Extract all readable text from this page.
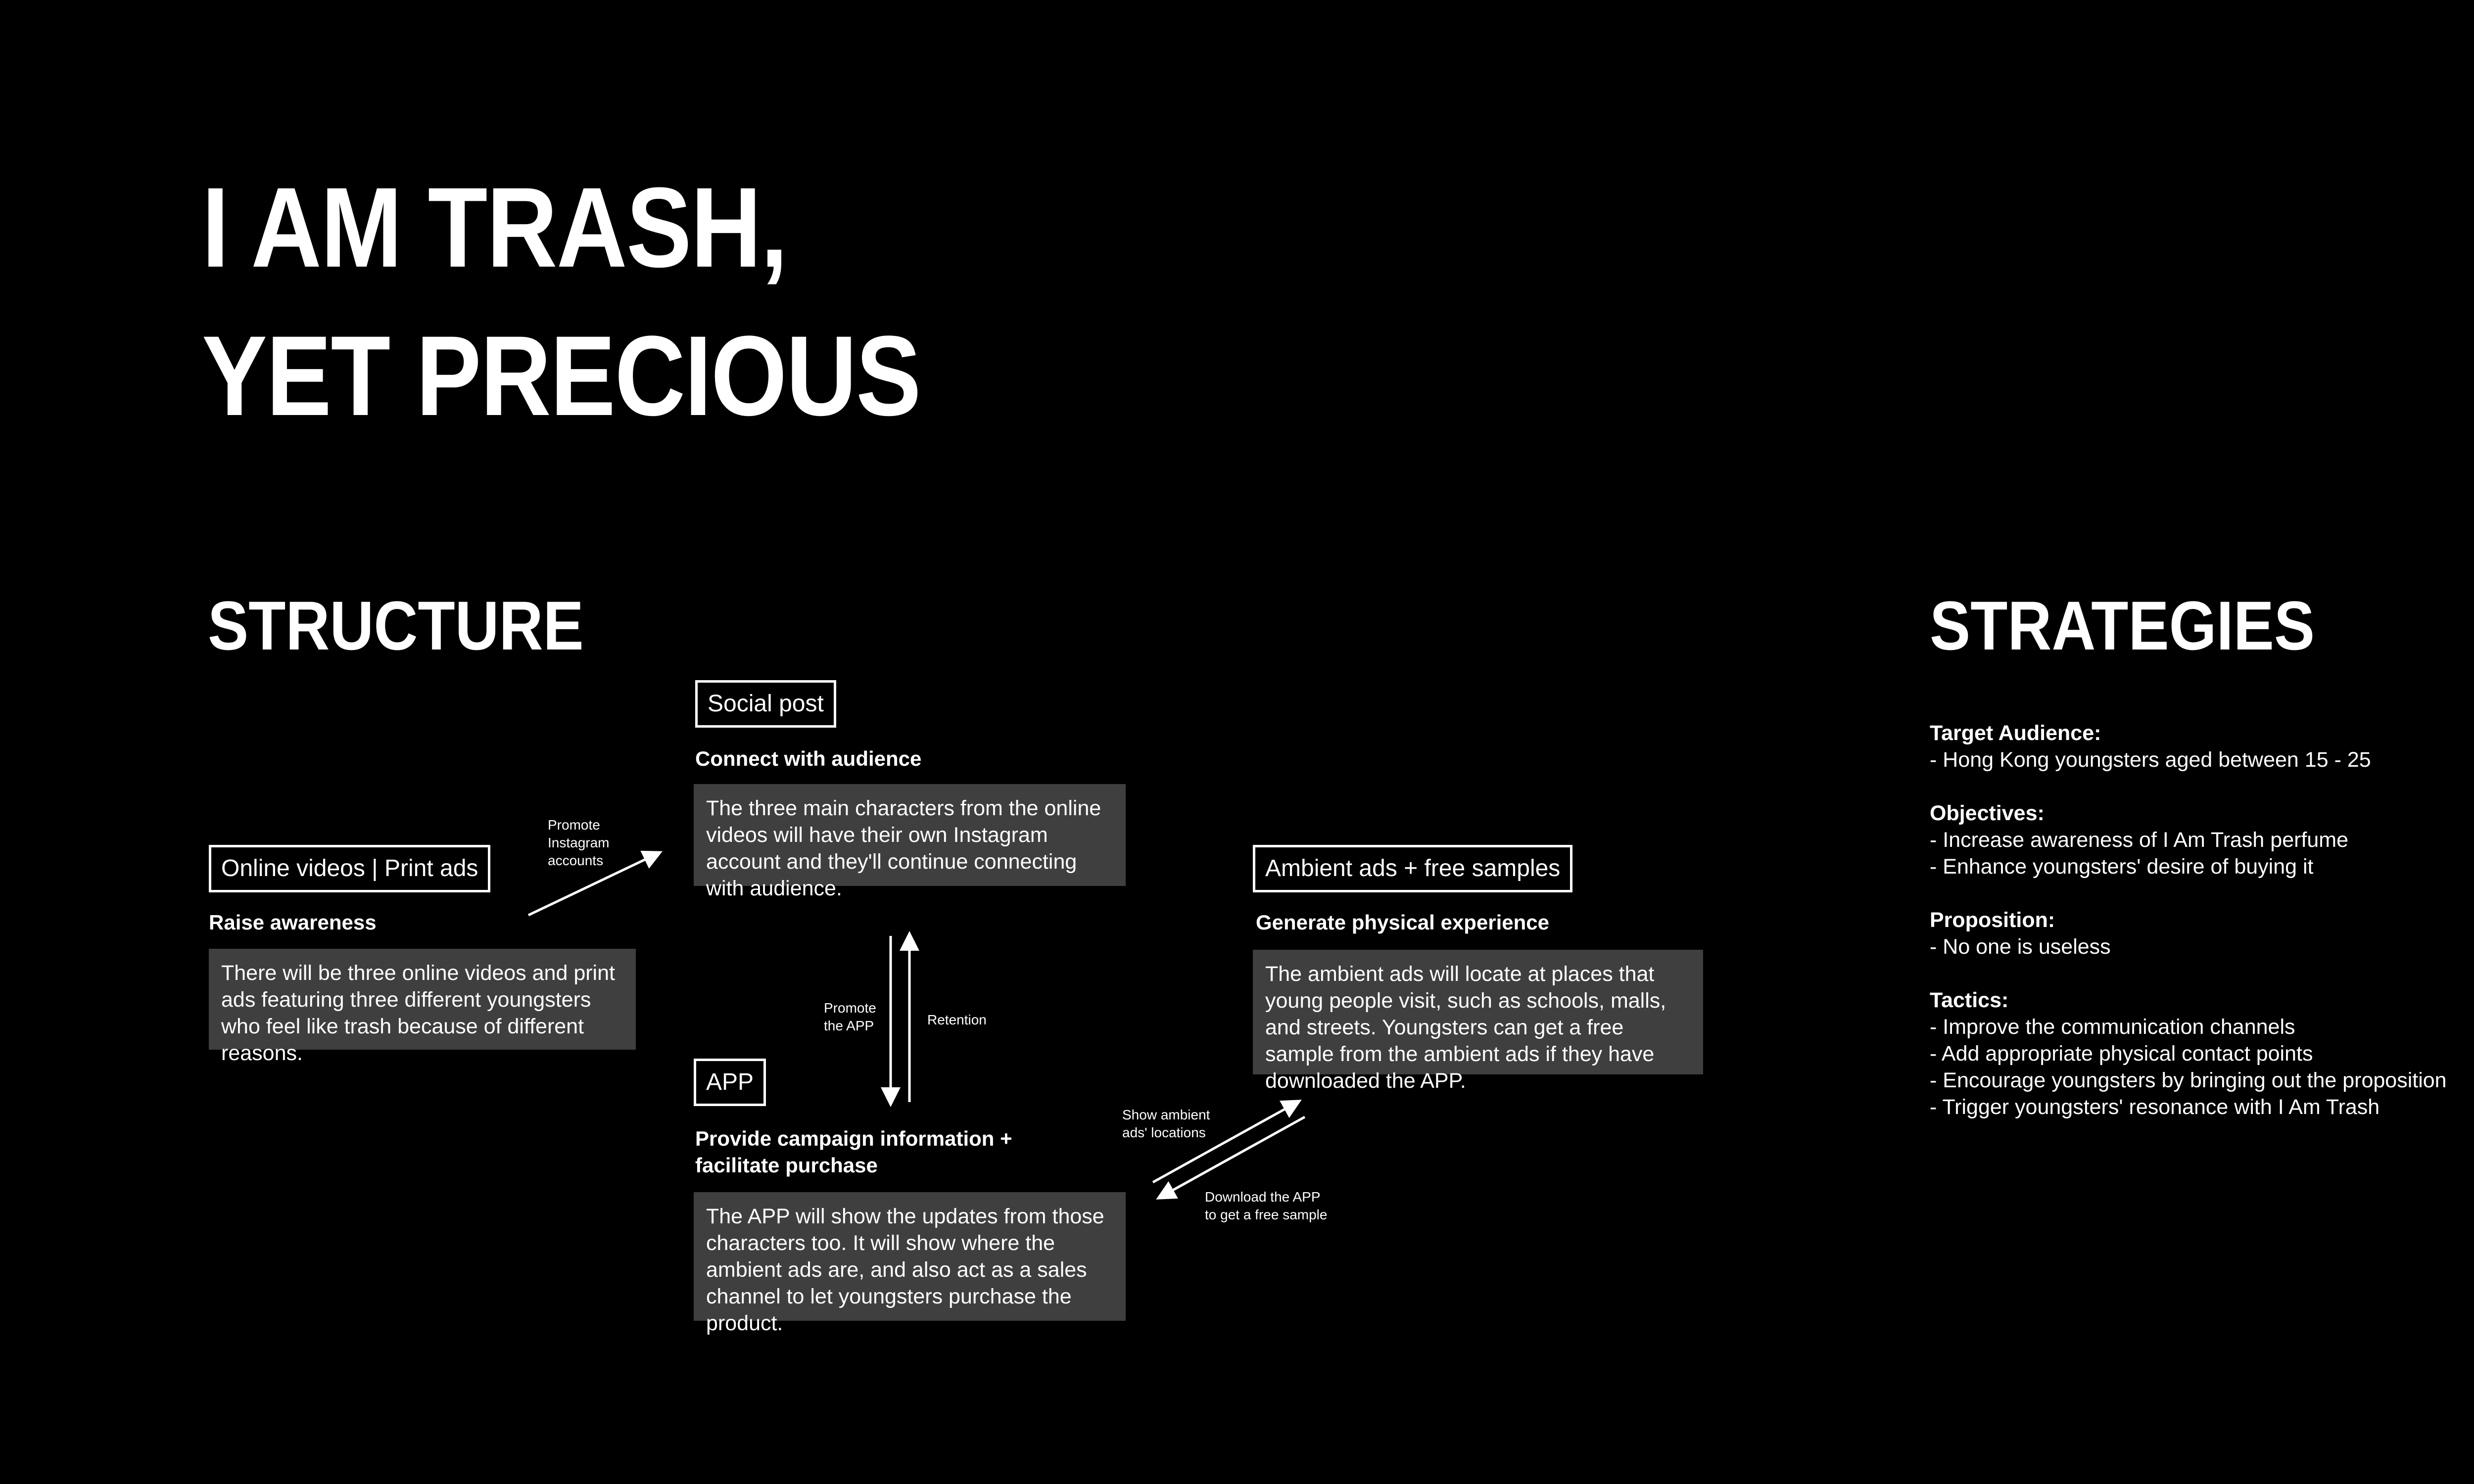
I AM TRASH,
YET PRECIOUS
STRUCTURE	STRATEGIES
Online videos | Print ads
Raise awareness
There will be three online videos and print ads featuring three different youngsters who feel like trash because of different reasons.
Social post
Connect with audience
The three main characters from the online videos will have their own Instagram account and they'll continue connecting with audience.
APP
Provide campaign information + facilitate purchase
The APP will show the updates from those characters too. It will show where the ambient ads are, and also act as a sales channel to let youngsters purchase the product.
Ambient ads + free samples
Generate physical experience
The ambient ads will locate at places that young people visit, such as schools, malls, and streets. Youngsters can get a free sample from the ambient ads if they have downloaded the APP.
Promote
Instagram
accounts
Promote
the APP	Retention
Show ambient
ads' locations
Download the APP
to get a free sample
Target Audience:
- Hong Kong youngsters aged between 15 - 25
Objectives:
- Increase awareness of I Am Trash perfume
- Enhance youngsters' desire of buying it
Proposition:
- No one is useless
Tactics:
- Improve the communication channels
- Add appropriate physical contact points
- Encourage youngsters by bringing out the proposition
- Trigger youngsters' resonance with I Am Trash
